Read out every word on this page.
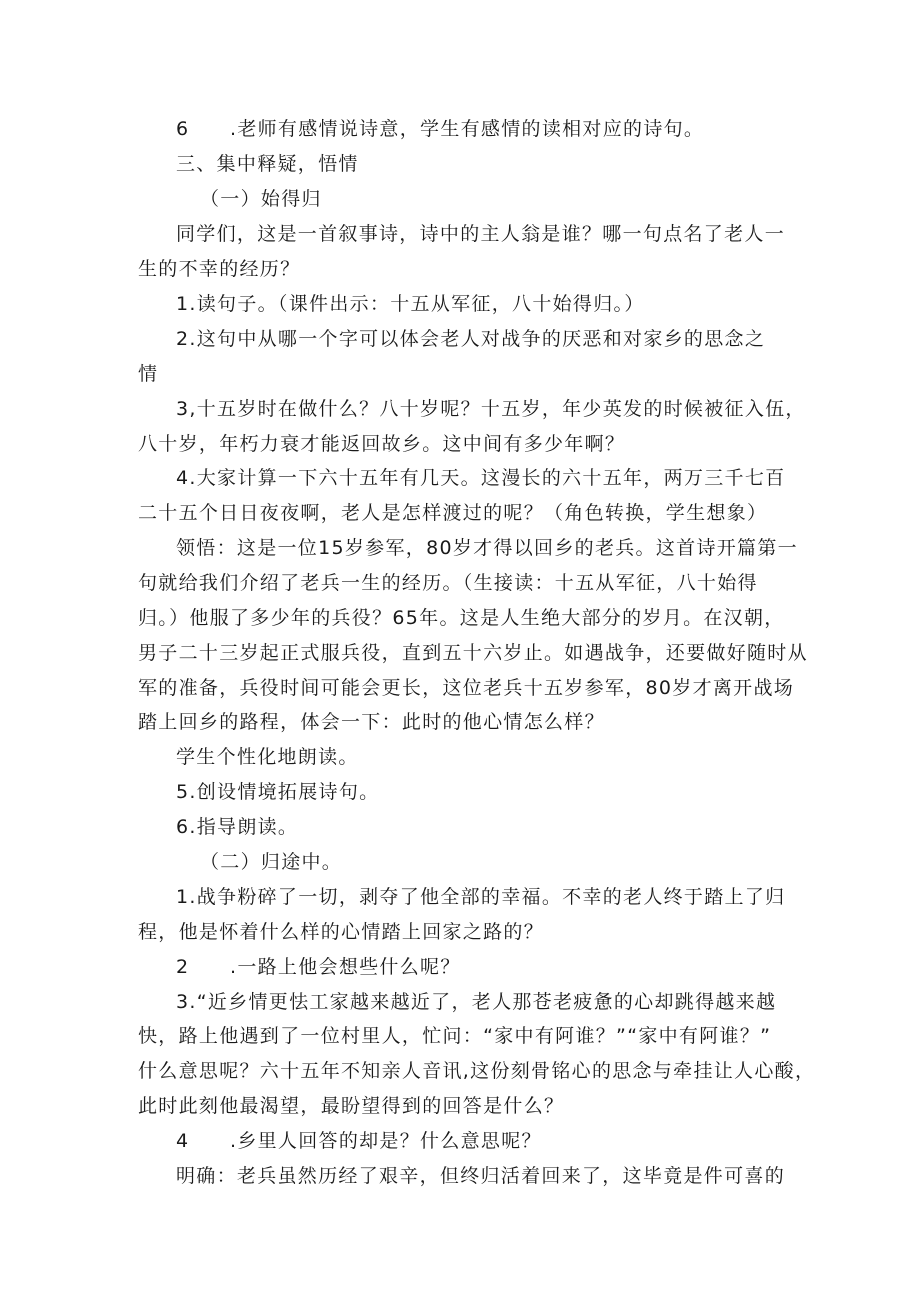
6　　.老师有感情说诗意，学生有感情的读相对应的诗句。
三、集中释疑，悟情
（一）始得归
同学们，这是一首叙事诗，诗中的主人翁是谁？哪一句点名了老人一
生的不幸的经历？
1.读句子。（课件出示：十五从军征，八十始得归。）
2.这句中从哪一个字可以体会老人对战争的厌恶和对家乡的思念之
情
3,十五岁时在做什么？八十岁呢？十五岁，年少英发的时候被征入伍，
八十岁，年朽力衰才能返回故乡。这中间有多少年啊？
4.大家计算一下六十五年有几天。这漫长的六十五年，两万三千七百
二十五个日日夜夜啊，老人是怎样渡过的呢？（角色转换，学生想象）
领悟：这是一位15岁参军，80岁才得以回乡的老兵。这首诗开篇第一
句就给我们介绍了老兵一生的经历。（生接读：十五从军征，八十始得
归。）他服了多少年的兵役？65年。这是人生绝大部分的岁月。在汉朝，
男子二十三岁起正式服兵役，直到五十六岁止。如遇战争，还要做好随时从
军的准备，兵役时间可能会更长，这位老兵十五岁参军，80岁才离开战场
踏上回乡的路程，体会一下：此时的他心情怎么样？
学生个性化地朗读。
5.创设情境拓展诗句。
6.指导朗读。
（二）归途中。
1.战争粉碎了一切，剥夺了他全部的幸福。不幸的老人终于踏上了归
程，他是怀着什么样的心情踏上回家之路的？
2　　.一路上他会想些什么呢？
3.“近乡情更怯工家越来越近了，老人那苍老疲惫的心却跳得越来越
快，路上他遇到了一位村里人，忙问：“家中有阿谁？”“家中有阿谁？”
什么意思呢？六十五年不知亲人音讯,这份刻骨铭心的思念与牵挂让人心酸，
此时此刻他最渴望，最盼望得到的回答是什么？
4　　.乡里人回答的却是？什么意思呢？
明确：老兵虽然历经了艰辛，但终归活着回来了，这毕竟是件可喜的
